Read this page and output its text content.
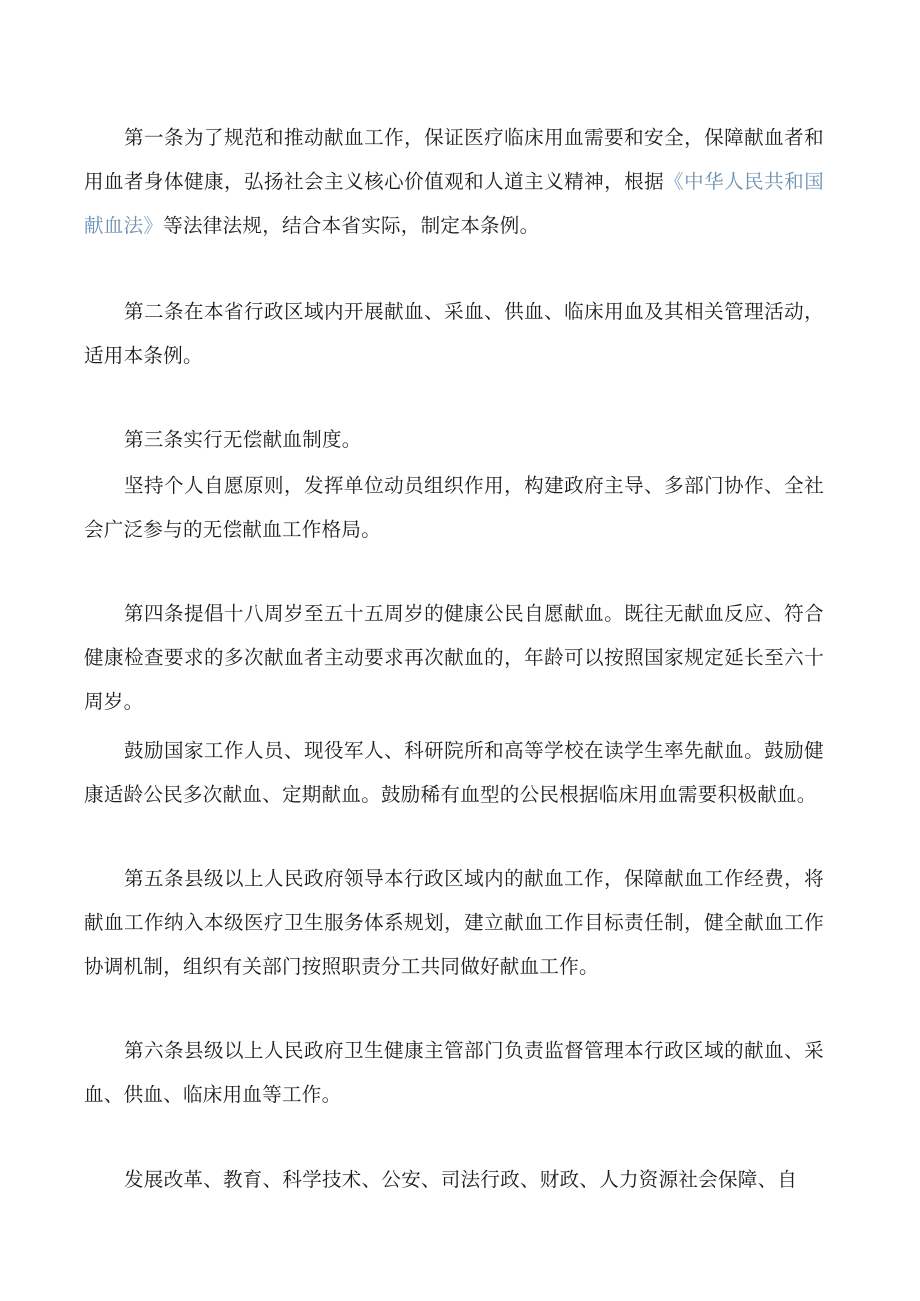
第一条为了规范和推动献血工作，保证医疗临床用血需要和安全，保障献血者和用血者身体健康，弘扬社会主义核心价值观和人道主义精神，根据《中华人民共和国献血法》等法律法规，结合本省实际，制定本条例。

第二条在本省行政区域内开展献血、采血、供血、临床用血及其相关管理活动，适用本条例。

第三条实行无偿献血制度。

坚持个人自愿原则，发挥单位动员组织作用，构建政府主导、多部门协作、全社会广泛参与的无偿献血工作格局。

第四条提倡十八周岁至五十五周岁的健康公民自愿献血。既往无献血反应、符合健康检查要求的多次献血者主动要求再次献血的，年龄可以按照国家规定延长至六十周岁。

鼓励国家工作人员、现役军人、科研院所和高等学校在读学生率先献血。鼓励健康适龄公民多次献血、定期献血。鼓励稀有血型的公民根据临床用血需要积极献血。

第五条县级以上人民政府领导本行政区域内的献血工作，保障献血工作经费，将献血工作纳入本级医疗卫生服务体系规划，建立献血工作目标责任制，健全献血工作协调机制，组织有关部门按照职责分工共同做好献血工作。

第六条县级以上人民政府卫生健康主管部门负责监督管理本行政区域的献血、采血、供血、临床用血等工作。

发展改革、教育、科学技术、公安、司法行政、财政、人力资源社会保障、自
